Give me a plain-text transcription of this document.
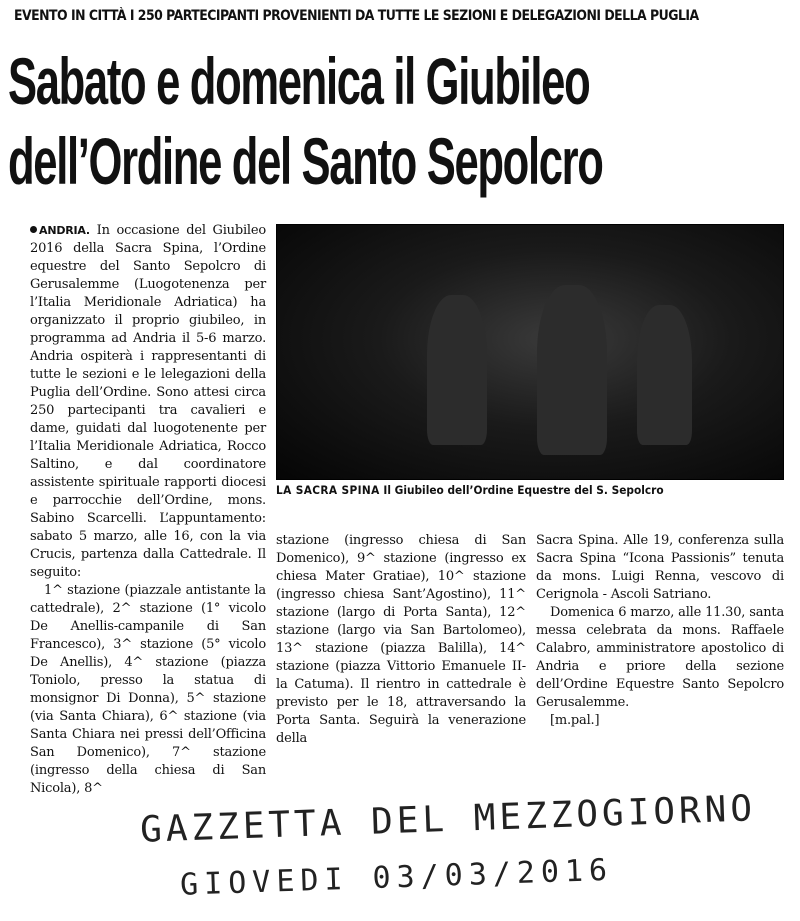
EVENTO IN CITTÀ I 250 PARTECIPANTI PROVENIENTI DA TUTTE LE SEZIONI E DELEGAZIONI DELLA PUGLIA
Sabato e domenica il Giubileo
dell’Ordine del Santo Sepolcro

ANDRIA. In occasione del Giubileo 2016 della Sacra Spina, l’Ordine equestre del Santo Sepolcro di Gerusalemme (Luogotenenza per l’Italia Meridionale Adriatica) ha organizzato il proprio giubileo, in programma ad Andria il 5-6 marzo. Andria ospiterà i rappresentanti di tutte le sezioni e le lelegazioni della Puglia dell’Ordine. Sono attesi circa 250 partecipanti tra cavalieri e dame, guidati dal luogotenente per l’Italia Meridionale Adriatica, Rocco Saltino, e dal coordinatore assistente spirituale rapporti diocesi e parrocchie dell’Ordine, mons. Sabino Scarcelli. L’appuntamento: sabato 5 marzo, alle 16, con la via Crucis, partenza dalla Cattedrale. Il seguito:

1^ stazione (piazzale antistante la cattedrale), 2^ stazione (1° vicolo De Anellis-campanile di San Francesco), 3^ stazione (5° vicolo De Anellis), 4^ stazione (piazza Toniolo, presso la statua di monsignor Di Donna), 5^ stazione (via Santa Chiara), 6^ stazione (via Santa Chiara nei pressi dell’Officina San Domenico), 7^ stazione (ingresso della chiesa di San Nicola), 8^

LA SACRA SPINA Il Giubileo dell’Ordine Equestre del S. Sepolcro

stazione (ingresso chiesa di San Domenico), 9^ stazione (ingresso ex chiesa Mater Gratiae), 10^ stazione (ingresso chiesa Sant’Agostino), 11^ stazione (largo di Porta Santa), 12^ stazione (largo via San Bartolomeo), 13^ stazione (piazza Balilla), 14^ stazione (piazza Vittorio Emanuele II-la Catuma). Il rientro in cattedrale è previsto per le 18, attraversando la Porta Santa. Seguirà la venerazione della

Sacra Spina. Alle 19, conferenza sulla Sacra Spina “Icona Passionis” tenuta da mons. Luigi Renna, vescovo di Cerignola - Ascoli Satriano.

Domenica 6 marzo, alle 11.30, santa messa celebrata da mons. Raffaele Calabro, amministratore apostolico di Andria e priore della sezione dell’Ordine Equestre Santo Sepolcro Gerusalemme.

[m.pal.]

GAZZETTA DEL MEZZOGIORNO
GIOVEDI 03/03/2016
